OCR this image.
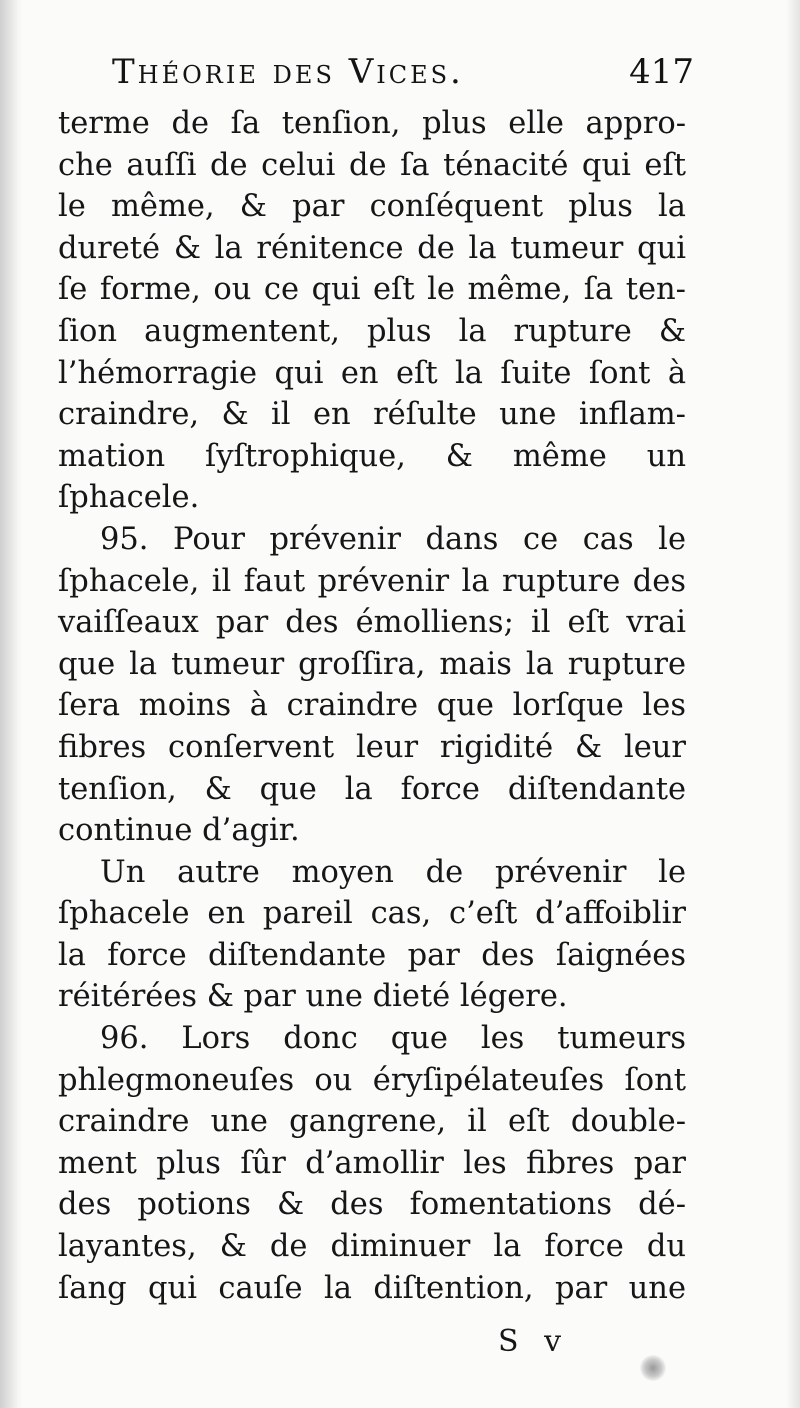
Théorie des Vices.	417
terme de ſa tenſion, plus elle appro-
che auſſi de celui de ſa ténacité qui eſt
le même, & par conſéquent plus la
dureté & la rénitence de la tumeur qui
ſe forme, ou ce qui eſt le même, ſa ten-
ſion augmentent, plus la rupture &
l’hémorragie qui en eſt la ſuite ſont à
craindre, & il en réſulte une inflam-
mation ſyſtrophique, & même un
ſphacele.
95. Pour prévenir dans ce cas le
ſphacele, il faut prévenir la rupture des
vaiſſeaux par des émolliens; il eſt vrai
que la tumeur groſſira, mais la rupture
ſera moins à craindre que lorſque les
fibres conſervent leur rigidité & leur
tenſion, & que la force diſtendante
continue d’agir.
Un autre moyen de prévenir le
ſphacele en pareil cas, c’eſt d’affoiblir
la force diſtendante par des ſaignées
réitérées & par une dieté légere.
96. Lors donc que les tumeurs
phlegmoneuſes ou éryſipélateuſes ſont
craindre une gangrene, il eſt double-
ment plus ſûr d’amollir les fibres par
des potions & des fomentations dé-
layantes, & de diminuer la force du
ſang qui cauſe la diſtention, par une
S v
